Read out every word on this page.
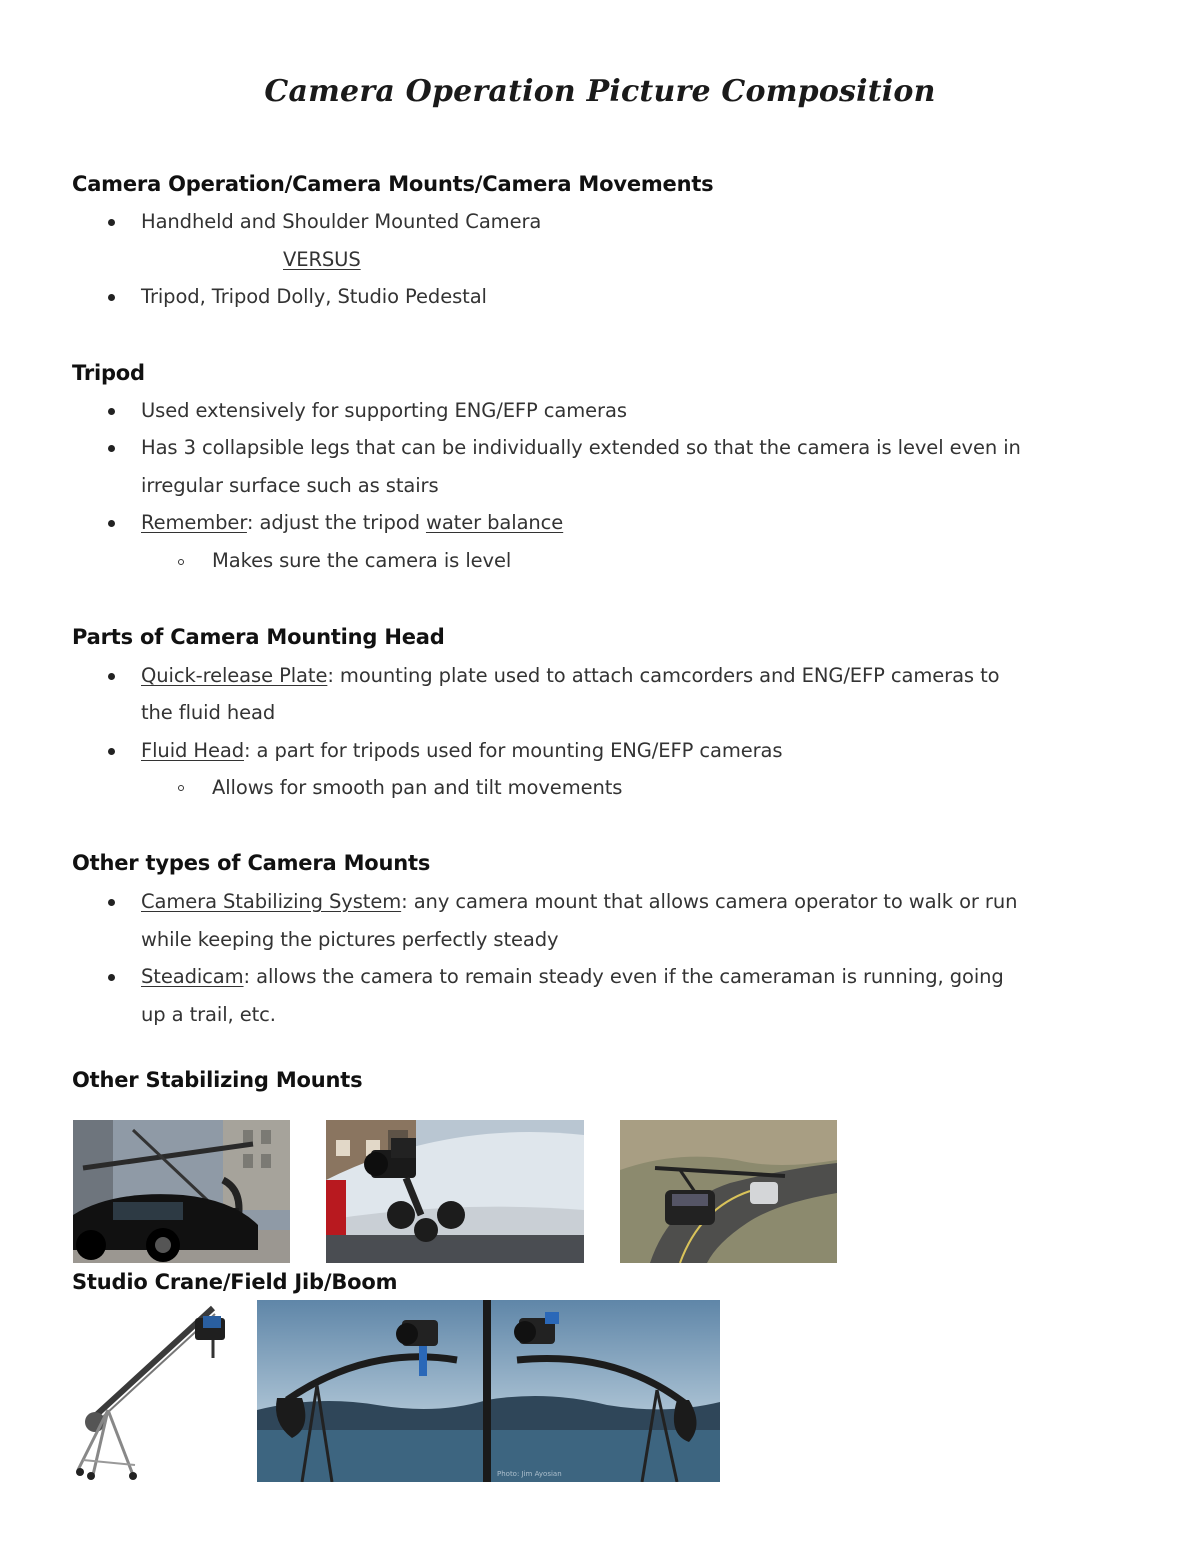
Camera Operation Picture Composition
Camera Operation/Camera Mounts/Camera Movements
Handheld and Shoulder Mounted Camera
VERSUS
Tripod, Tripod Dolly, Studio Pedestal
Tripod
Used extensively for supporting ENG/EFP cameras
Has 3 collapsible legs that can be individually extended so that the camera is level even in
irregular surface such as stairs
Remember: adjust the tripod water balance
Makes sure the camera is level
Parts of Camera Mounting Head
Quick-release Plate: mounting plate used to attach camcorders and ENG/EFP cameras to
the fluid head
Fluid Head: a part for tripods used for mounting ENG/EFP cameras
Allows for smooth pan and tilt movements
Other types of Camera Mounts
Camera Stabilizing System: any camera mount that allows camera operator to walk or run
while keeping the pictures perfectly steady
Steadicam: allows the camera to remain steady even if the cameraman is running, going
up a trail, etc.
Other Stabilizing Mounts
Studio Crane/Field Jib/Boom
Photo: Jim Ayosian
